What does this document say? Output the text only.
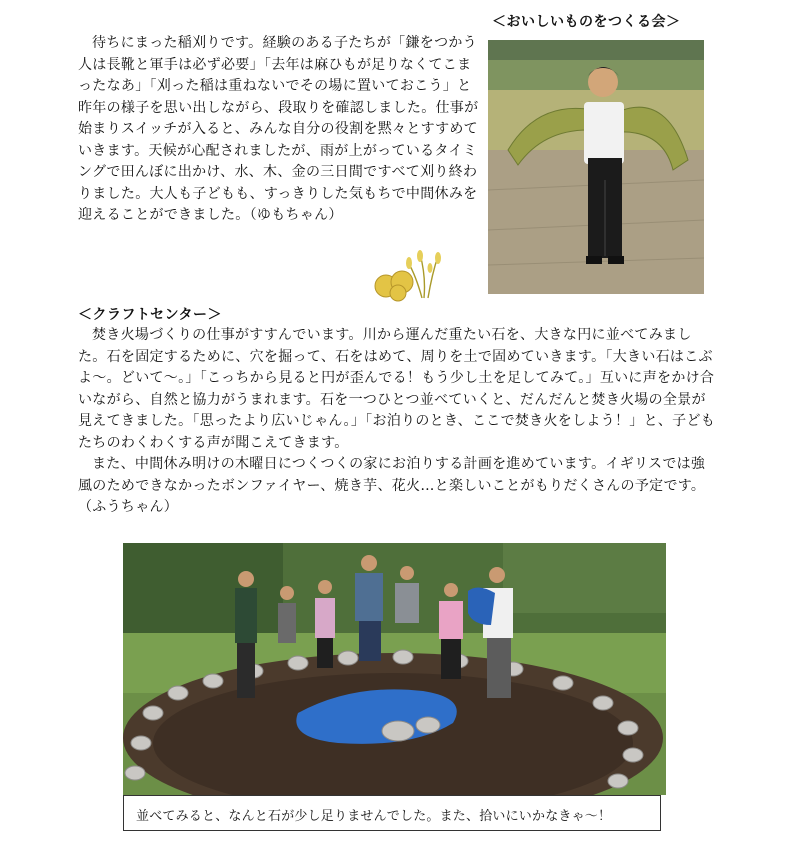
＜おいしいものをつくる会＞

待ちにまった稲刈りです。経験のある子たちが「鎌をつかう人は長靴と軍手は必ず必要」「去年は麻ひもが足りなくてこまったなあ」「刈った稲は重ねないでその場に置いておこう」と昨年の様子を思い出しながら、段取りを確認しました。仕事が始まりスイッチが入ると、みんな自分の役割を黙々とすすめていきます。天候が心配されましたが、雨が上がっているタイミングで田んぼに出かけ、水、木、金の三日間ですべて刈り終わりました。大人も子どもも、すっきりした気もちで中間休みを迎えることができました。（ゆもちゃん）

＜クラフトセンター＞

焚き火場づくりの仕事がすすんでいます。川から運んだ重たい石を、大きな円に並べてみました。石を固定するために、穴を掘って、石をはめて、周りを土で固めていきます。「大きい石はこぶよ〜。どいて〜。」「こっちから見ると円が歪んでる！もう少し土を足してみて。」互いに声をかけ合いながら、自然と協力がうまれます。石を一つひとつ並べていくと、だんだんと焚き火場の全景が見えてきました。「思ったより広いじゃん。」「お泊りのとき、ここで焚き火をしよう！」と、子どもたちのわくわくする声が聞こえてきます。

また、中間休み明けの木曜日につくつくの家にお泊りする計画を進めています。イギリスでは強風のためできなかったボンファイヤー、焼き芋、花火…と楽しいことがもりだくさんの予定です。（ふうちゃん）

並べてみると、なんと石が少し足りませんでした。また、拾いにいかなきゃ〜！
